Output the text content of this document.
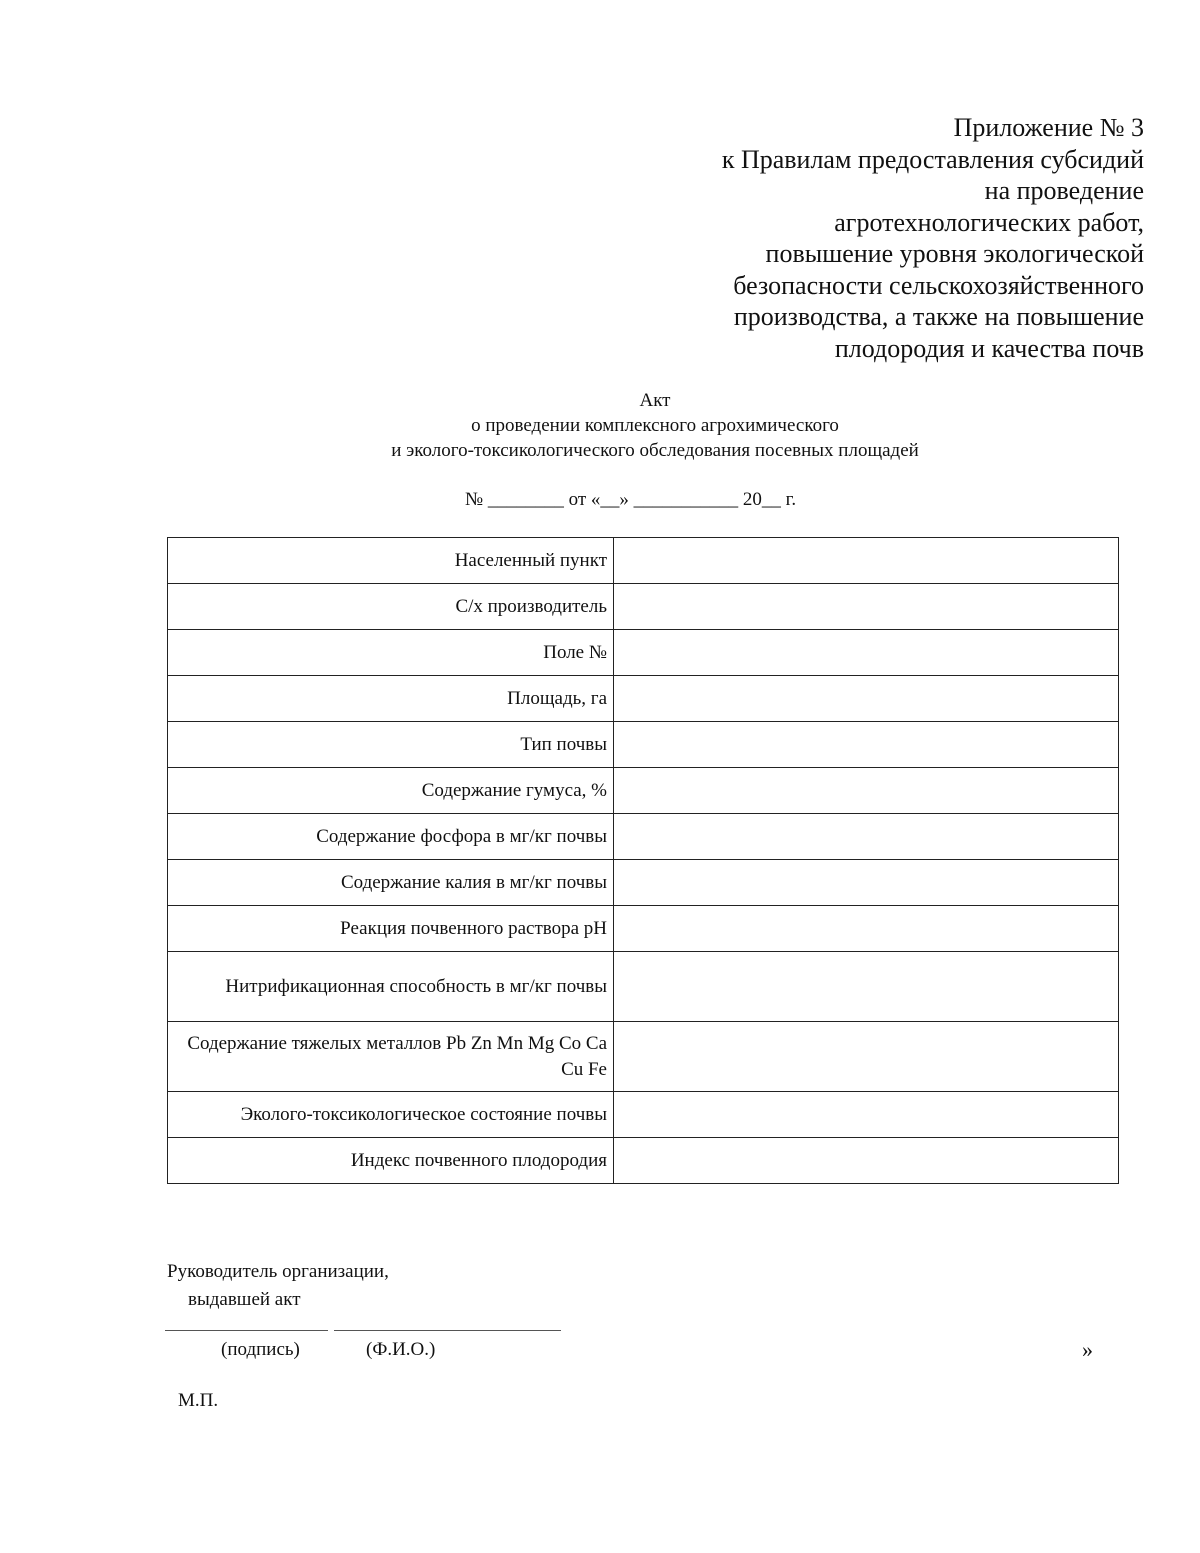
Приложение № 3
к Правилам предоставления субсидий
на проведение
агротехнологических работ,
повышение уровня экологической
безопасности сельскохозяйственного
производства, а также на повышение
плодородия и качества почв
Акт
о проведении комплексного агрохимического
и эколого-токсикологического обследования посевных площадей
№ ________ от «__» ___________ 20__ г.
Населенный пункт	
С/х производитель	
Поле №	
Площадь, га	
Тип почвы	
Содержание гумуса, %	
Содержание фосфора в мг/кг почвы	
Содержание калия в мг/кг почвы	
Реакция почвенного раствора pH	
Нитрификационная способность в мг/кг почвы	
Содержание тяжелых металлов Pb Zn Mn Mg Co Ca Cu Fe	
Эколого-токсикологическое состояние почвы	
Индекс почвенного плодородия	
Руководитель организации,
выдавшей акт
(подпись)	(Ф.И.О.)	»
М.П.
